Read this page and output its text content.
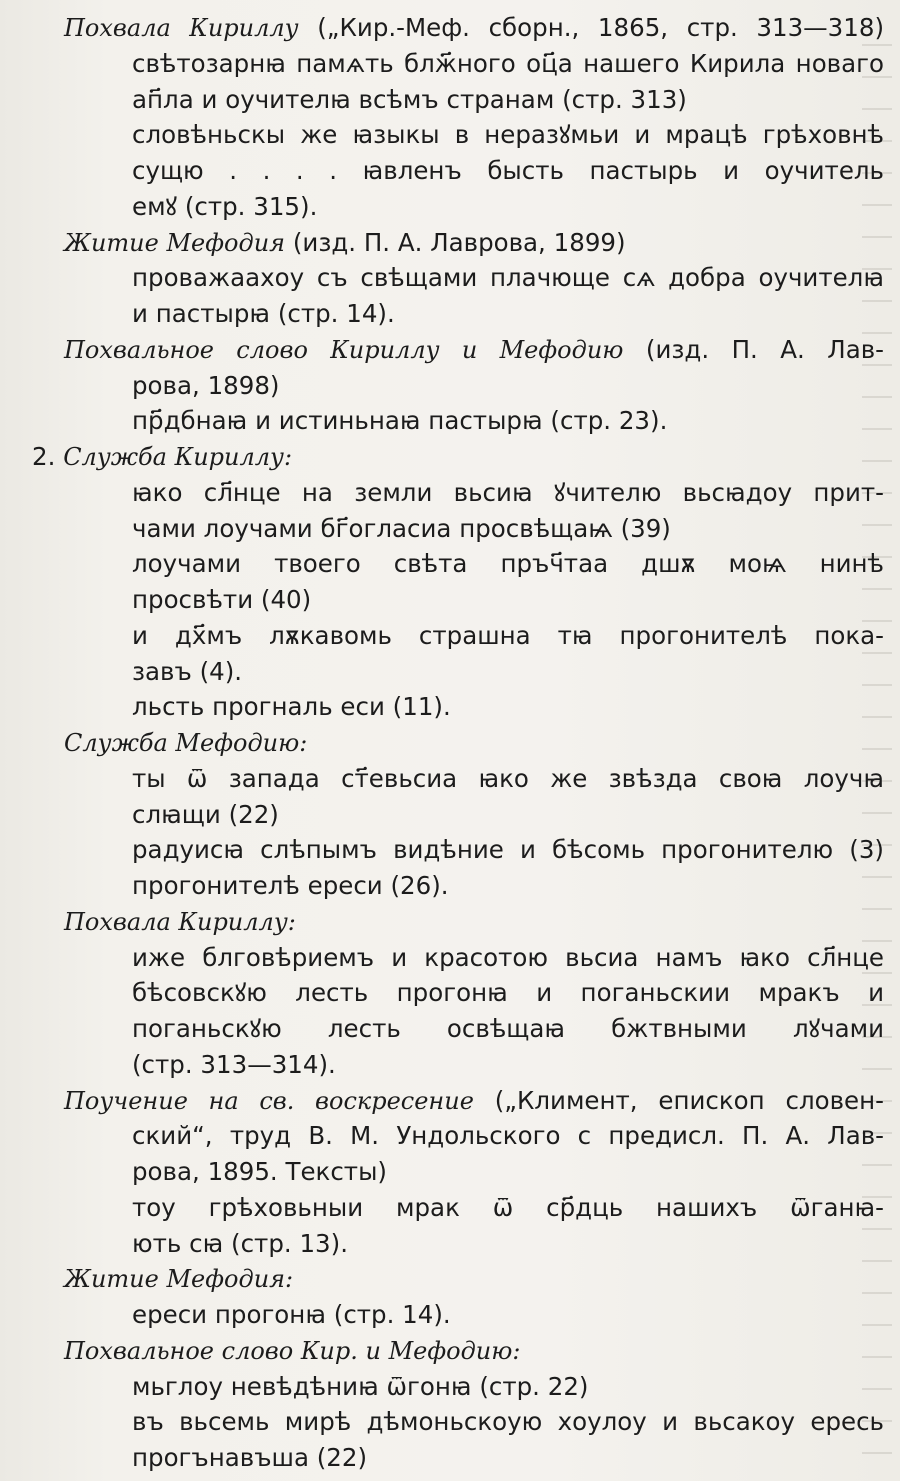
Похвала Кириллу („Кир.-Меф. сборн., 1865, стр. 313—318)
свѣтозарнꙗ памѧть блж҃ного оц҃а нашего Кирила новаго
ап҃ла и оучителꙗ всѣмъ странам (стр. 313)
словѣньскы же ꙗзыкы в неразꙋмьи и мрацѣ грѣховнѣ
сущю . . . . ꙗвленъ бысть пастырь и оучитель
емꙋ (стр. 315).
Житие Мефодия (изд. П. А. Лаврова, 1899)
проважаахоу съ свѣщами плачюще сѧ добра оучителꙗ
и пастырꙗ (стр. 14).
Похвальное слово Кириллу и Мефодию (изд. П. А. Лав-
рова, 1898)
пр҃дбнаꙗ и истиньнаꙗ пастырꙗ (стр. 23).
2. Служба Кириллу:
ꙗко сл҃нце на земли вьсиꙗ ꙋчителю вьсꙗдоу прит-
чами лоучами бг҃огласиа просвѣщаѩ (39)
лоучами твоего свѣта пръч҃таа дшѫ моѩ нинѣ
просвѣти (40)
и дх҃мъ лѫкавомь страшна тꙗ прогонителѣ пока-
завъ (4).
льсть прогналь еси (11).
Служба Мефодию:
ты ѿ запада ст҃евьсиа ꙗко же звѣзда своꙗ лоучꙗ
слꙗщи (22)
радуисꙗ слѣпымъ видѣние и бѣсомь прогонителю (3)
прогонителѣ ереси (26).
Похвала Кириллу:
иже блговѣриемъ и красотою вьсиа намъ ꙗко сл҃нце
бѣсовскꙋю лесть прогонꙗ и поганьскии мракъ и
поганьскꙋю лесть освѣщаꙗ бжтвными лꙋчами
(стр. 313—314).
Поучение на св. воскресение („Климент, епископ словен-
ский“, труд В. М. Ундольского с предисл. П. А. Лав-
рова, 1895. Тексты)
тоу грѣховьныи мрак ѿ ср҃дць нашихъ ѿганꙗ-
ють сꙗ (стр. 13).
Житие Мефодия:
ереси прогонꙗ (стр. 14).
Похвальное слово Кир. и Мефодию:
мьглоу невѣдѣниꙗ ѿгонꙗ (стр. 22)
въ вьсемь мирѣ дѣмоньскоую хоулоу и вьсакоу ересь
прогънавъша (22)
